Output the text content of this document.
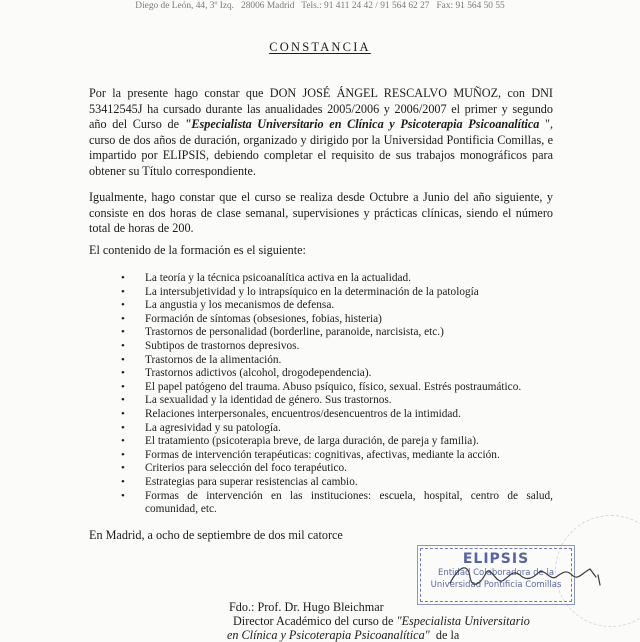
Diego de León, 44, 3º Izq.   28006 Madrid   Tels.: 91 411 24 42 / 91 564 62 27   Fax: 91 564 50 55
CONSTANCIA
Por la presente hago constar que DON JOSÉ ÁNGEL RESCALVO MUÑOZ, con DNI 53412545J ha cursado durante las anualidades 2005/2006 y 2006/2007 el primer y segundo año del Curso de "Especialista Universitario en Clínica y Psicoterapia Psicoanalítica ", curso de dos años de duración, organizado y dirigido por la Universidad Pontificia Comillas, e impartido por ELIPSIS, debiendo completar el requisito de sus trabajos monográficos para obtener su Título correspondiente.
Igualmente, hago constar que el curso se realiza desde Octubre a Junio del año siguiente, y consiste en dos horas de clase semanal, supervisiones y prácticas clínicas, siendo el número total de horas de 200.
El contenido de la formación es el siguiente:
• La teoría y la técnica psicoanalítica activa en la actualidad.
• La intersubjetividad y lo intrapsíquico en la determinación de la patología
• La angustia y los mecanismos de defensa.
• Formación de síntomas (obsesiones, fobias, histeria)
• Trastornos de personalidad (borderline, paranoide, narcisista, etc.)
• Subtipos de trastornos depresivos.
• Trastornos de la alimentación.
• Trastornos adictivos (alcohol, drogodependencia).
• El papel patógeno del trauma. Abuso psíquico, físico, sexual. Estrés postraumático.
• La sexualidad y la identidad de género. Sus trastornos.
• Relaciones interpersonales, encuentros/desencuentros de la intimidad.
• La agresividad y su patología.
• El tratamiento (psicoterapia breve, de larga duración, de pareja y familia).
• Formas de intervención terapéuticas: cognitivas, afectivas, mediante la acción.
• Criterios para selección del foco terapéutico.
• Estrategias para superar resistencias al cambio.
• Formas de intervención en las instituciones: escuela, hospital, centro de salud, comunidad, etc.
En Madrid, a ocho de septiembre de dos mil catorce
ELIPSIS
Entidad Colaboradora de la
Universidad Pontificia Comillas
Fdo.: Prof. Dr. Hugo Bleichmar
Director Académico del curso de "Especialista Universitario
en Clínica y Psicoterapia Psicoanalítica"  de la
